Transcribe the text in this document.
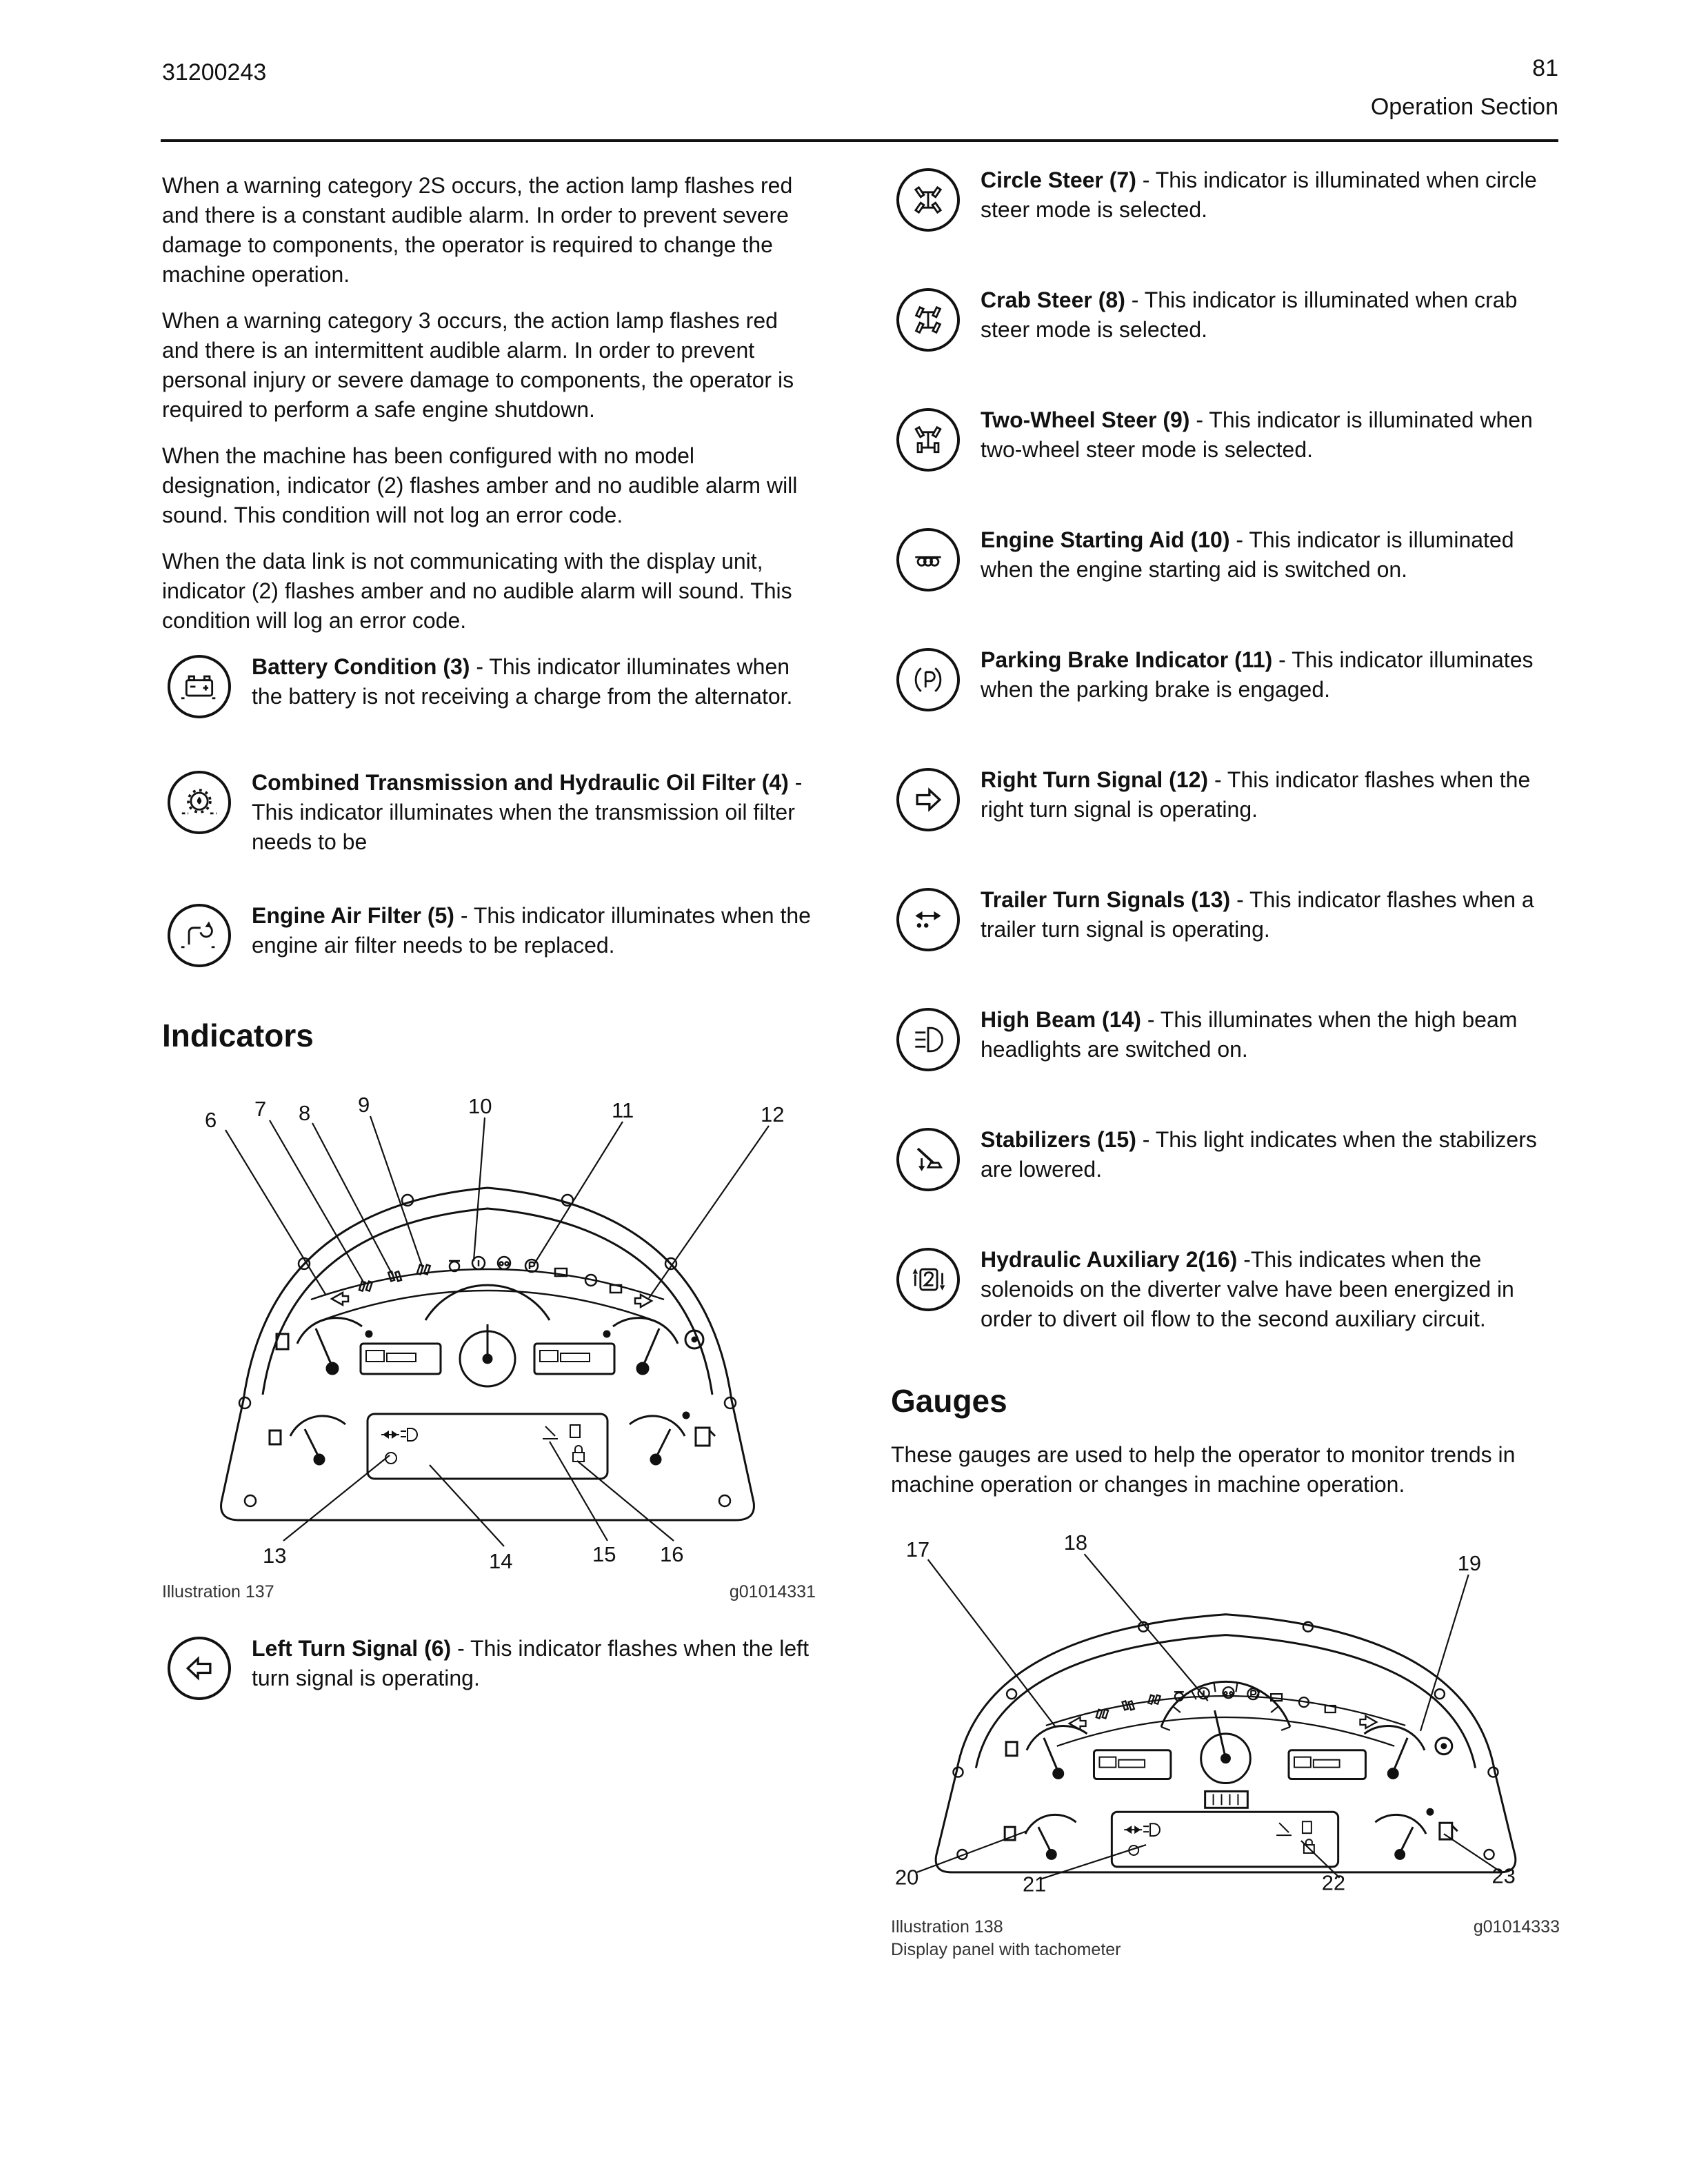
31200243	81
Operation Section

When a warning category 2S occurs, the action lamp flashes red and there is a constant audible alarm. In order to prevent severe damage to components, the operator is required to change the machine operation.

When a warning category 3 occurs, the action lamp flashes red and there is an intermittent audible alarm. In order to prevent personal injury or severe damage to components, the operator is required to perform a safe engine shutdown.

When the machine has been configured with no model designation, indicator (2) flashes amber and no audible alarm will sound. This condition will not log an error code.

When the data link is not communicating with the display unit, indicator (2) flashes amber and no audible alarm will sound. This condition will log an error code.

Battery Condition (3) - This indicator illuminates when the battery is not receiving a charge from the alternator.

Combined Transmission and Hydraulic Oil Filter (4) - This indicator illuminates when the transmission oil filter needs to be

Engine Air Filter (5) - This indicator illuminates when the engine air filter needs to be replaced.

Indicators
6 7 8 9	10	11	12
13	14	15 16
Illustration 137	g01014331

Left Turn Signal (6) - This indicator flashes when the left turn signal is operating.

Circle Steer (7) - This indicator is illuminated when circle steer mode is selected.

Crab Steer (8) - This indicator is illuminated when crab steer mode is selected.

Two-Wheel Steer (9) - This indicator is illuminated when two-wheel steer mode is selected.

Engine Starting Aid (10) - This indicator is illuminated when the engine starting aid is switched on.

Parking Brake Indicator (11) - This indicator illuminates when the parking brake is engaged.

Right Turn Signal (12) - This indicator flashes when the right turn signal is operating.

Trailer Turn Signals (13) - This indicator flashes when a trailer turn signal is operating.

High Beam (14) - This illuminates when the high beam headlights are switched on.

Stabilizers (15) - This light indicates when the stabilizers are lowered.

Hydraulic Auxiliary 2(16) -This indicates when the solenoids on the diverter valve have been energized in order to divert oil flow to the second auxiliary circuit.

Gauges

These gauges are used to help the operator to monitor trends in machine operation or changes in machine operation.

17	18
19
20	21	22	23
Illustration 138	g01014333
Display panel with tachometer
